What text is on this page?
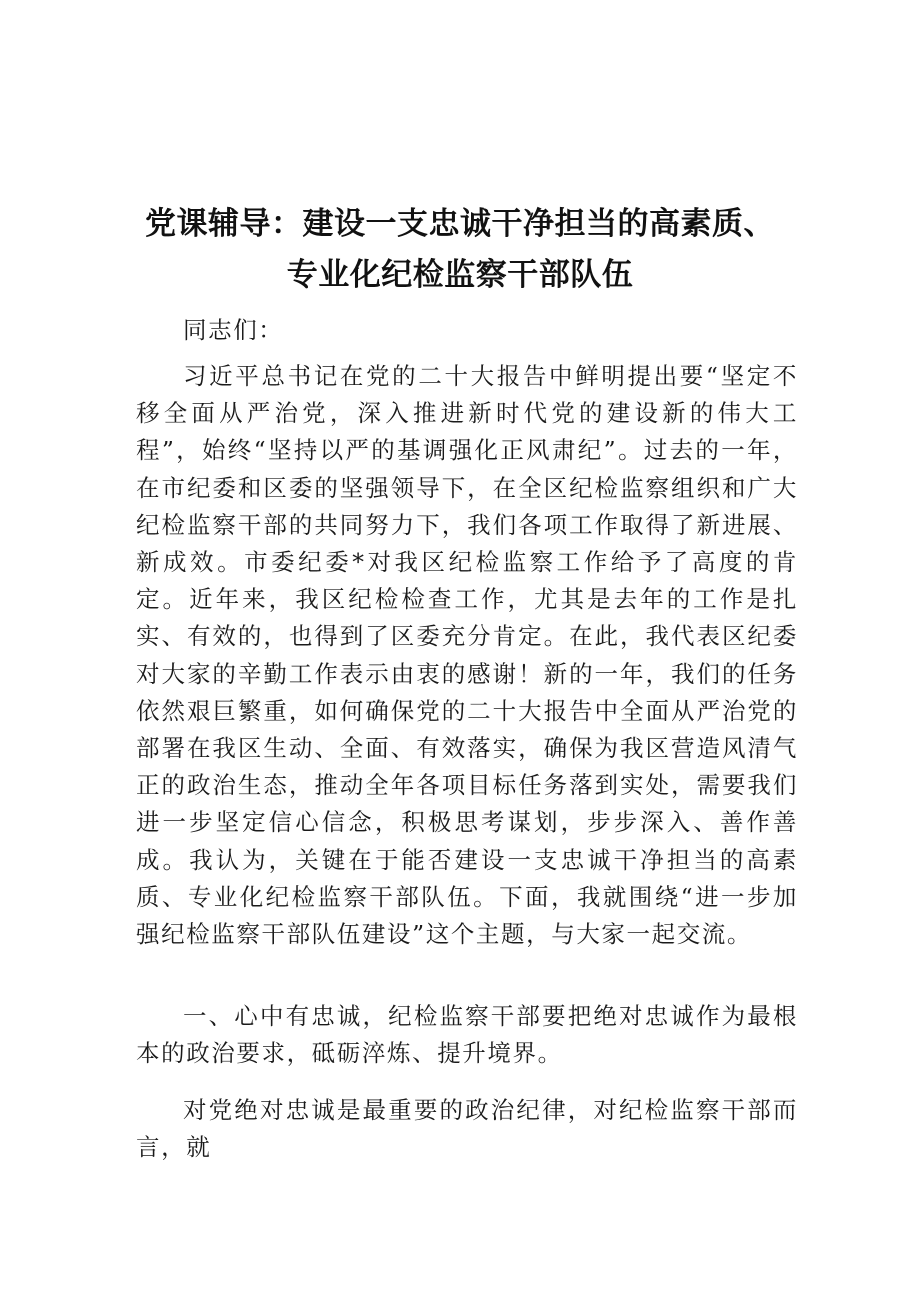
党课辅导：建设一支忠诚干净担当的高素质、
专业化纪检监察干部队伍

同志们：

习近平总书记在党的二十大报告中鲜明提出要“坚定不移全面从严治党，深入推进新时代党的建设新的伟大工程”，始终“坚持以严的基调强化正风肃纪”。过去的一年，在市纪委和区委的坚强领导下，在全区纪检监察组织和广大纪检监察干部的共同努力下，我们各项工作取得了新进展、新成效。市委纪委*对我区纪检监察工作给予了高度的肯定。近年来，我区纪检检查工作，尤其是去年的工作是扎实、有效的，也得到了区委充分肯定。在此，我代表区纪委对大家的辛勤工作表示由衷的感谢！新的一年，我们的任务依然艰巨繁重，如何确保党的二十大报告中全面从严治党的部署在我区生动、全面、有效落实，确保为我区营造风清气正的政治生态，推动全年各项目标任务落到实处，需要我们进一步坚定信心信念，积极思考谋划，步步深入、善作善成。我认为，关键在于能否建设一支忠诚干净担当的高素质、专业化纪检监察干部队伍。下面，我就围绕“进一步加强纪检监察干部队伍建设”这个主题，与大家一起交流。

一、心中有忠诚，纪检监察干部要把绝对忠诚作为最根本的政治要求，砥砺淬炼、提升境界。

对党绝对忠诚是最重要的政治纪律，对纪检监察干部而言，就
